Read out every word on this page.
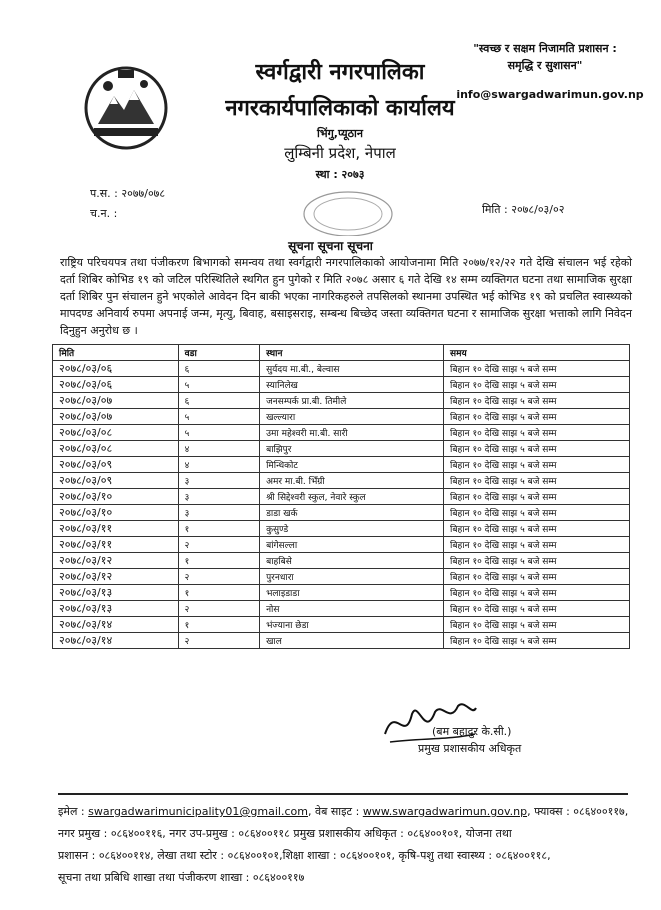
स्वर्गद्वारी नगरपालिका
नगरकार्यपालिकाको कार्यालय
भिंगु,प्यूठान
लुम्बिनी प्रदेश, नेपाल
स्था : २०७३
"स्वच्छ र सक्षम निजामति प्रशासन :
समृद्धि र सुशासन"
info@swargadwarimun.gov.np
प.स. : २०७७/०७८
च.न. :	मिति : २०७८/०३/०२
सूचना सूचना सूचना
राष्ट्रिय परिचयपत्र तथा पंजीकरण बिभागको समन्वय तथा स्वर्गद्वारी नगरपालिकाको आयोजनामा मिति २०७७/१२/२२ गते देखि संचालन भई रहेको दर्ता शिबिर कोभिड १९ को जटिल परिस्थितिले स्थगित हुन पुगेको र मिति २०७८ असार ६ गते देखि १४ सम्म व्यक्तिगत घटना तथा सामाजिक सुरक्षा दर्ता शिबिर पुन संचालन हुने भएकोले आवेदन दिन बाकी भएका नागरिकहरुले तपसिलको स्थानमा उपस्थित भई कोभिड १९ को प्रचलित स्वास्थ्यको मापदण्ड अनिवार्य रुपमा अपनाई जन्म, मृत्यु, बिवाह, बसाइसराइ, सम्बन्ध बिच्छेद जस्ता व्यक्तिगत घटना र सामाजिक सुरक्षा भत्ताको लागि निवेदन दिनुहुन अनुरोध छ ।
मिति	वडा	स्थान	समय
२०७८/०३/०६	६	सुर्यदय मा.बी., बेल्वास	बिहान १० देखि साझ ५ बजे सम्म
२०७८/०३/०६	५	स्यानिलेख	बिहान १० देखि साझ ५ बजे सम्म
२०७८/०३/०७	६	जनसम्पर्क प्रा.बी. तिमीले	बिहान १० देखि साझ ५ बजे सम्म
२०७८/०३/०७	५	खल्ल्यारा	बिहान १० देखि साझ ५ बजे सम्म
२०७८/०३/०८	५	उमा महेश्वरी मा.बी. सारी	बिहान १० देखि साझ ५ बजे सम्म
२०७८/०३/०८	४	बाझिपुर	बिहान १० देखि साझ ५ बजे सम्म
२०७८/०३/०९	४	मिन्धिकोट	बिहान १० देखि साझ ५ बजे सम्म
२०७८/०३/०९	३	अमर मा.बी. भिँग्री	बिहान १० देखि साझ ५ बजे सम्म
२०७८/०३/१०	३	श्री सिद्देश्वरी स्कुल, नेवारे स्कुल	बिहान १० देखि साझ ५ बजे सम्म
२०७८/०३/१०	३	डाडा खर्क	बिहान १० देखि साझ ५ बजे सम्म
२०७८/०३/११	१	कुसुण्डे	बिहान १० देखि साझ ५ बजे सम्म
२०७८/०३/११	२	बांगेसल्ला	बिहान १० देखि साझ ५ बजे सम्म
२०७८/०३/१२	१	बाहबिसे	बिहान १० देखि साझ ५ बजे सम्म
२०७८/०३/१२	२	पुरनधारा	बिहान १० देखि साझ ५ बजे सम्म
२०७८/०३/१३	१	भलाइडाडा	बिहान १० देखि साझ ५ बजे सम्म
२०७८/०३/१३	२	नोस	बिहान १० देखि साझ ५ बजे सम्म
२०७८/०३/१४	१	भंज्याना छेडा	बिहान १० देखि साझ ५ बजे सम्म
२०७८/०३/१४	२	खाल	बिहान १० देखि साझ ५ बजे सम्म
(बम बहादुर के.सी.)
प्रमुख प्रशासकीय अधिकृत
इमेल : swargadwarimunicipality01@gmail.com, वेब साइट : www.swargadwarimun.gov.np, फ्याक्स : ०८६४००११७,
नगर प्रमुख : ०८६४००११६, नगर उप-प्रमुख : ०८६४००११८ प्रमुख प्रशासकीय अधिकृत : ०८६४००१०१, योजना तथा
प्रशासन : ०८६४००११४, लेखा तथा स्टोर : ०८६४००१०१,शिक्षा शाखा : ०८६४००१०१, कृषि-पशु तथा स्वास्थ्य : ०८६४००११८,
सूचना तथा प्रबिधि शाखा तथा पंजीकरण शाखा : ०८६४००११७
